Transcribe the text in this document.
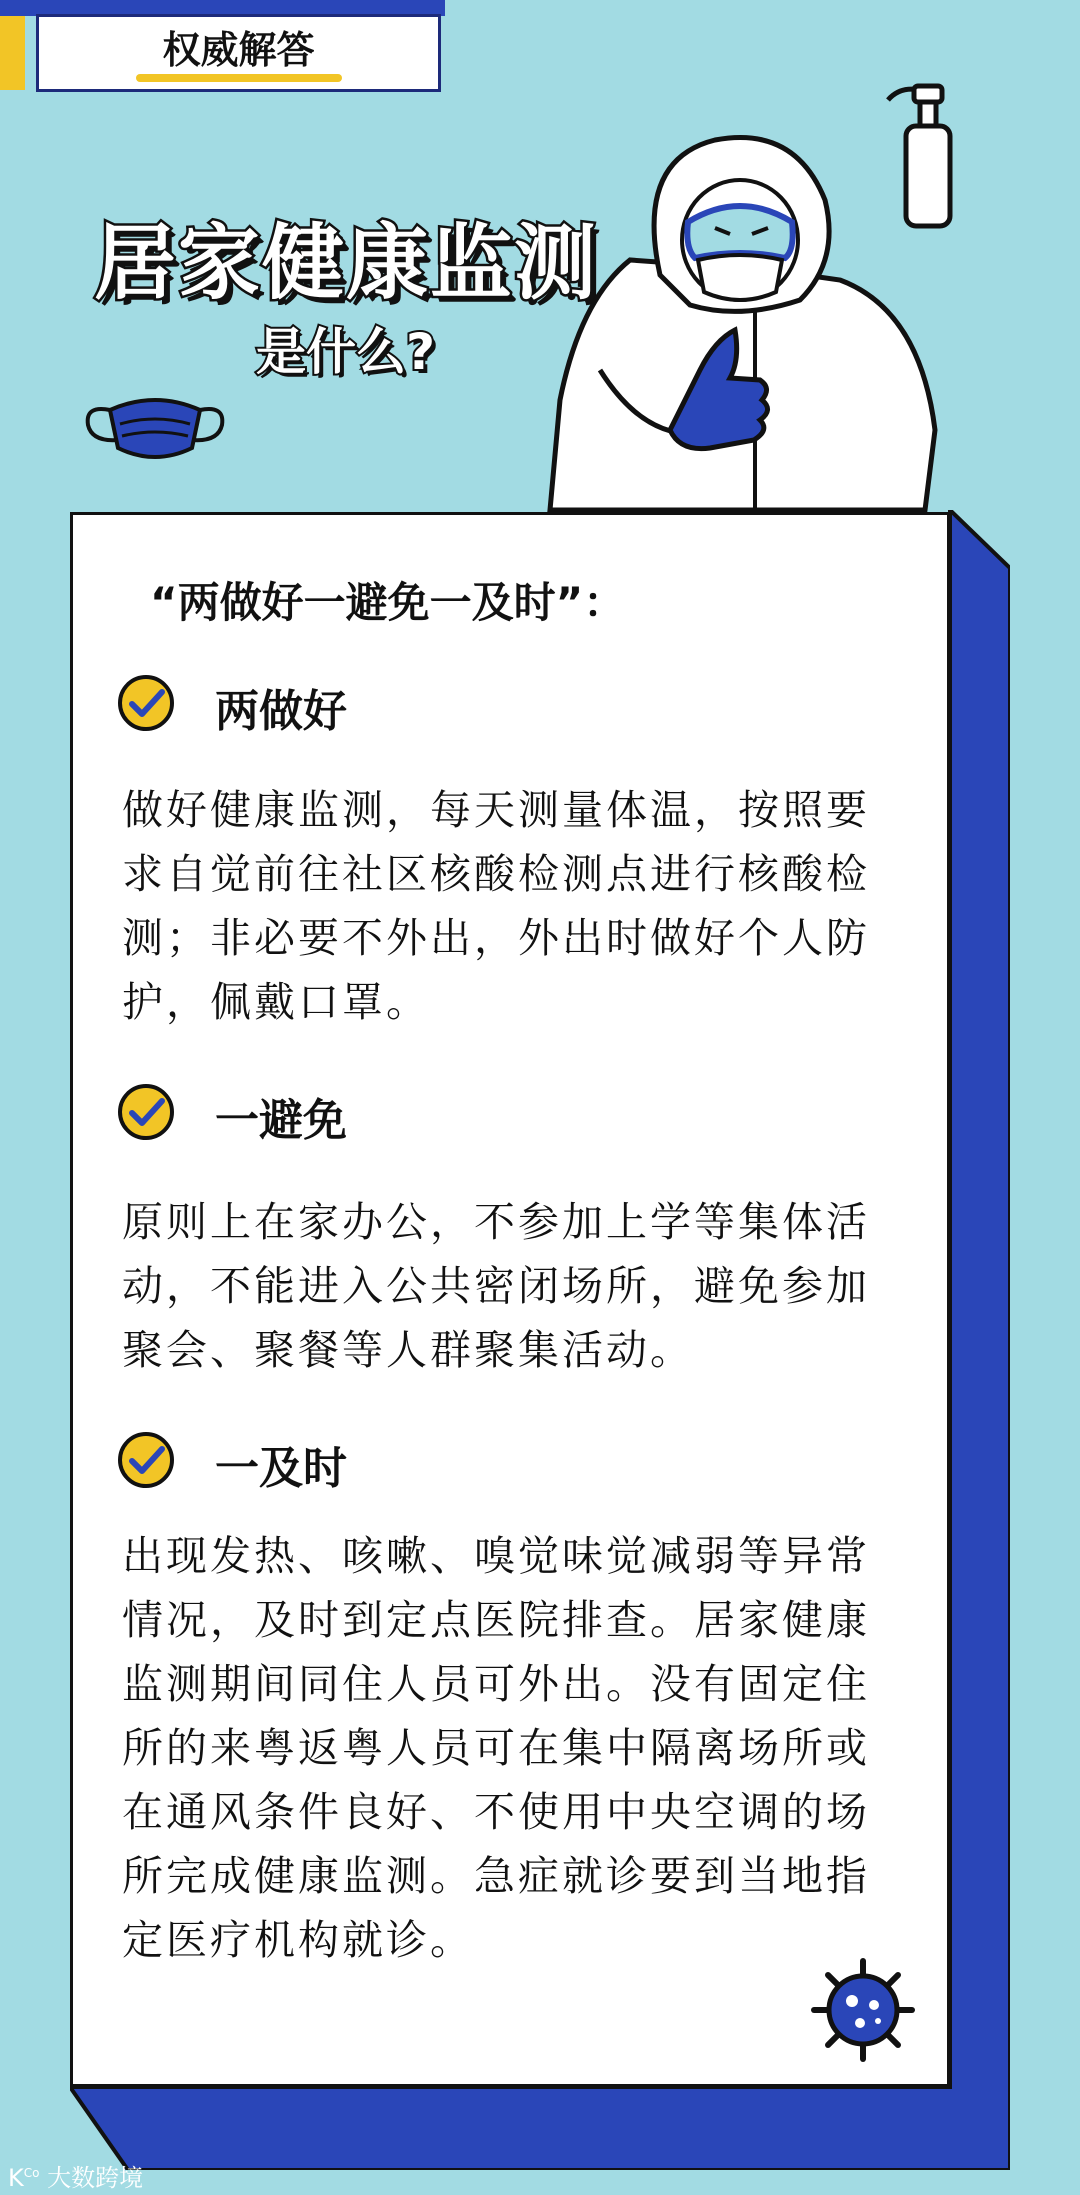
权威解答
居家健康监测
是什么?
“两做好一避免一及时”：
两做好
做好健康监测，每天测量体温，按照要求自觉前往社区核酸检测点进行核酸检测；非必要不外出，外出时做好个人防护，佩戴口罩。
一避免
原则上在家办公，不参加上学等集体活动，不能进入公共密闭场所，避免参加聚会、聚餐等人群聚集活动。
一及时
出现发热、咳嗽、嗅觉味觉减弱等异常情况，及时到定点医院排查。居家健康监测期间同住人员可外出。没有固定住所的来粤返粤人员可在集中隔离场所或在通风条件良好、不使用中央空调的场所完成健康监测。急症就诊要到当地指定医疗机构就诊。
$K^{Co}$ 大数跨境
